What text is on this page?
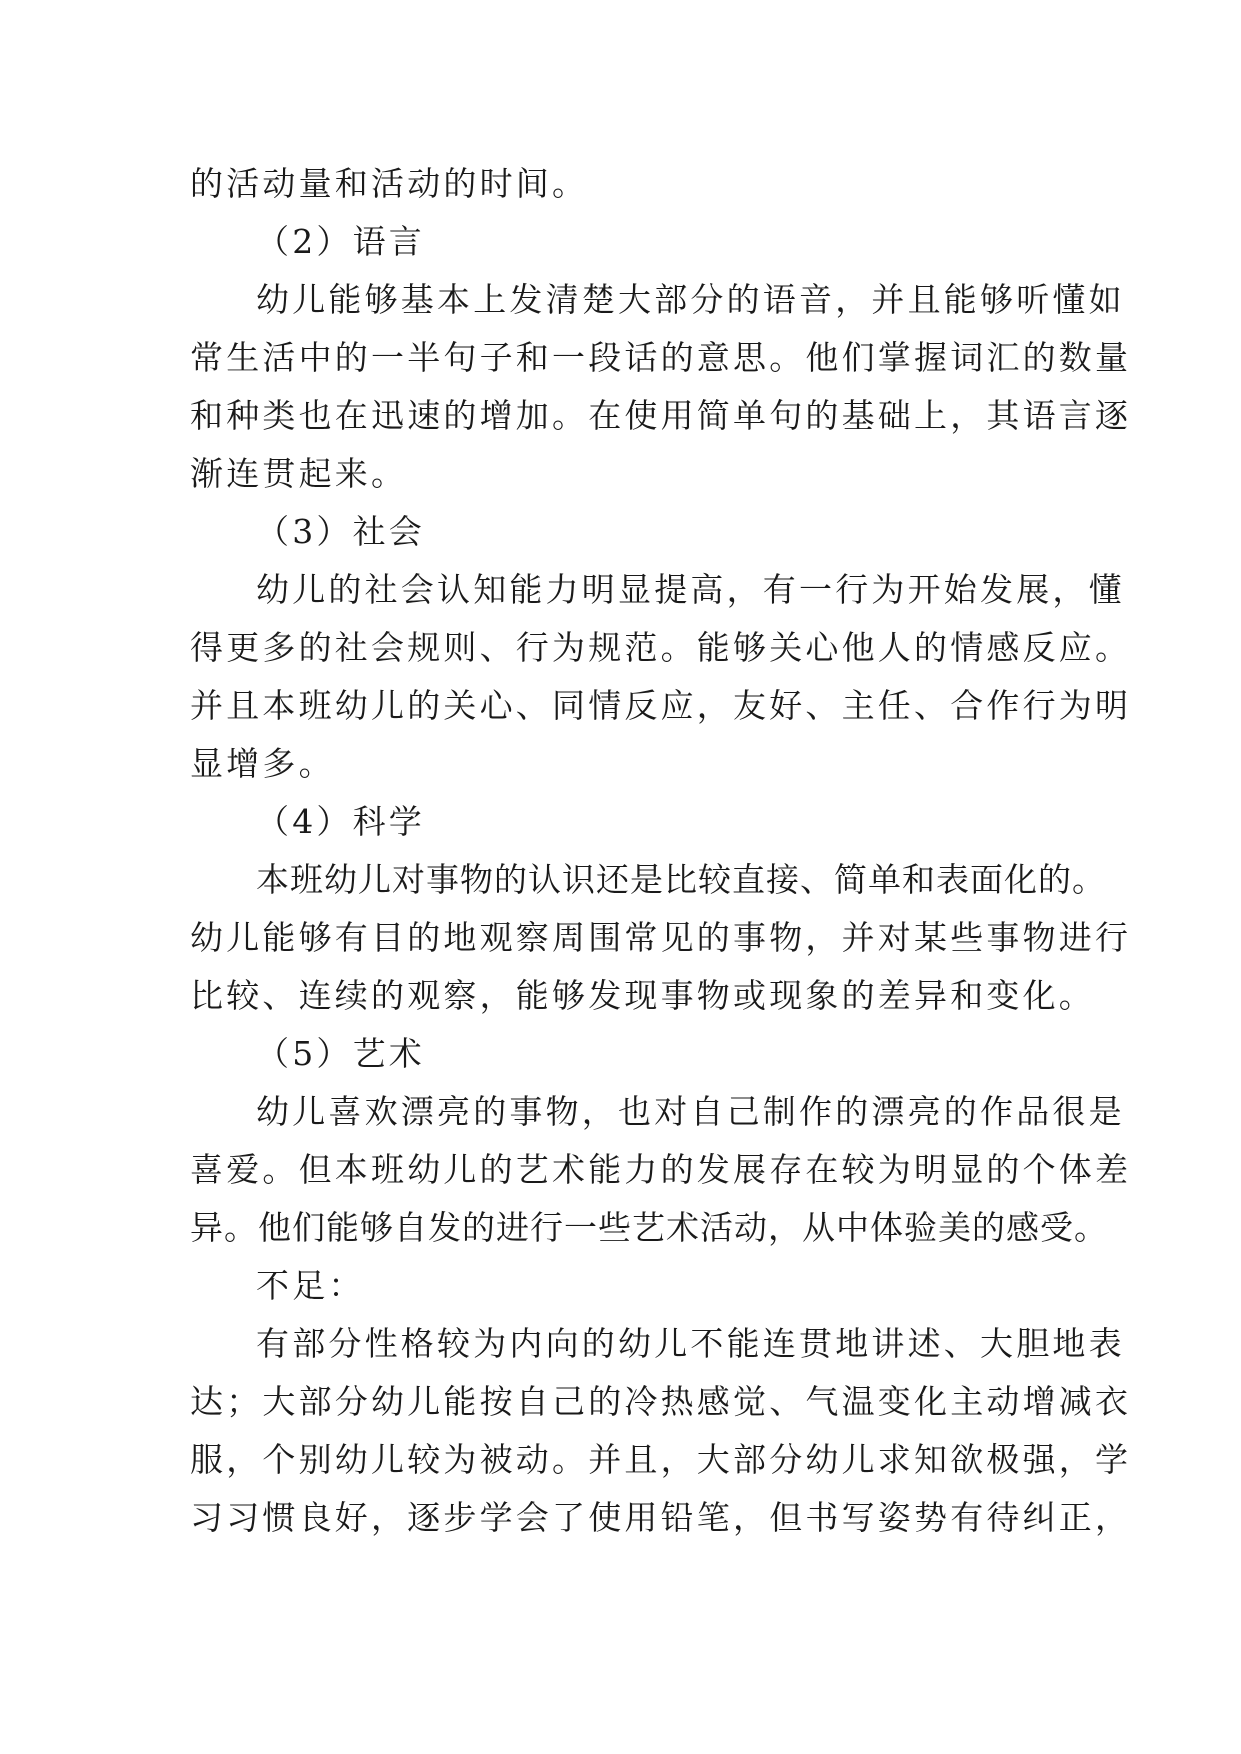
的活动量和活动的时间。
（2）语言
幼儿能够基本上发清楚大部分的语音，并且能够听懂如
常生活中的一半句子和一段话的意思。他们掌握词汇的数量
和种类也在迅速的增加。在使用简单句的基础上，其语言逐
渐连贯起来。
（3）社会
幼儿的社会认知能力明显提高，有一行为开始发展，懂
得更多的社会规则、行为规范。能够关心他人的情感反应。
并且本班幼儿的关心、同情反应，友好、主任、合作行为明
显增多。
（4）科学
本班幼儿对事物的认识还是比较直接、简单和表面化的。
幼儿能够有目的地观察周围常见的事物，并对某些事物进行
比较、连续的观察，能够发现事物或现象的差异和变化。
（5）艺术
幼儿喜欢漂亮的事物，也对自己制作的漂亮的作品很是
喜爱。但本班幼儿的艺术能力的发展存在较为明显的个体差
异。他们能够自发的进行一些艺术活动，从中体验美的感受。
不足：
有部分性格较为内向的幼儿不能连贯地讲述、大胆地表
达；大部分幼儿能按自己的冷热感觉、气温变化主动增减衣
服，个别幼儿较为被动。并且，大部分幼儿求知欲极强，学
习习惯良好，逐步学会了使用铅笔，但书写姿势有待纠正，
